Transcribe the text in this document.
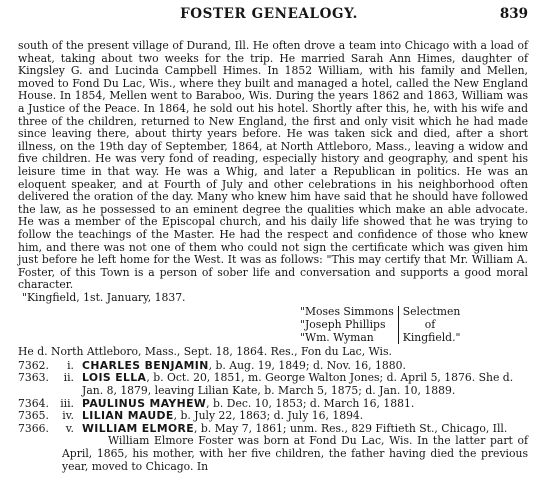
FOSTER GENEALOGY.	839

south of the present village of Durand, Ill. He often drove a team into Chicago with a load of wheat, taking about two weeks for the trip. He married Sarah Ann Himes, daughter of Kingsley G. and Lucinda Campbell Himes. In 1852 William, with his family and Mellen, moved to Fond Du Lac, Wis., where they built and managed a hotel, called the New England House. In 1854, Mellen went to Baraboo, Wis. During the years 1862 and 1863, William was a Justice of the Peace. In 1864, he sold out his hotel. Shortly after this, he, with his wife and three of the children, returned to New England, the first and only visit which he had made since leaving there, about thirty years before. He was taken sick and died, after a short illness, on the 19th day of September, 1864, at North Attleboro, Mass., leaving a widow and five children. He was very fond of reading, especially history and geography, and spent his leisure time in that way. He was a Whig, and later a Republican in politics. He was an eloquent speaker, and at Fourth of July and other celebrations in his neighborhood often delivered the oration of the day. Many who knew him have said that he should have followed the law, as he possessed to an eminent degree the qualities which make an able advocate. He was a member of the Episcopal church, and his daily life showed that he was trying to follow the teachings of the Master. He had the respect and confidence of those who knew him, and there was not one of them who could not sign the certificate which was given him just before he left home for the West. It was as follows: "This may certify that Mr. William A. Foster, of this Town is a person of sober life and conversation and supports a good moral character.

"Kingfield, 1st. January, 1837.

"Moses Simmons
"Joseph Phillips
"Wm. Wyman
Selectmen
of
Kingfield."

He d. North Attleboro, Mass., Sept. 18, 1864. Res., Fon du Lac, Wis.

7362.	i. CHARLES BENJAMIN, b. Aug. 19, 1849; d. Nov. 16, 1880.
7363.	ii. LOIS ELLA, b. Oct. 20, 1851, m. George Walton Jones; d. April 5, 1876. She d. Jan. 8, 1879, leaving Lilian Kate, b. March 5, 1875; d. Jan. 10, 1889.
7364.	iii. PAULINUS MAYHEW, b. Dec. 10, 1853; d. March 16, 1881.
7365.	iv. LILIAN MAUDE, b. July 22, 1863; d. July 16, 1894.
7366.	v. WILLIAM ELMORE, b. May 7, 1861; unm. Res., 829 Fiftieth St., Chicago, Ill.

William Elmore Foster was born at Fond Du Lac, Wis. In the latter part of April, 1865, his mother, with her five children, the father having died the previous year, moved to Chicago. In
